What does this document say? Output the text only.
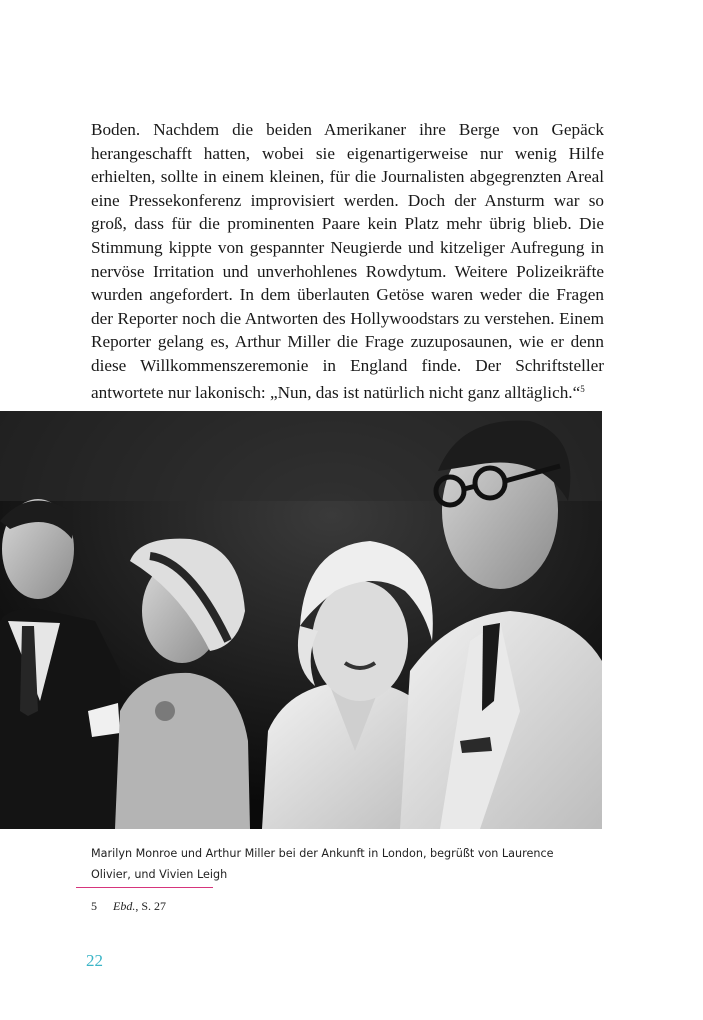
Boden. Nachdem die beiden Amerikaner ihre Berge von Gepäck herangeschafft hatten, wobei sie eigenartigerweise nur wenig Hilfe erhielten, sollte in einem kleinen, für die Journalisten abgegrenzten Areal eine Pressekonferenz improvisiert werden. Doch der Ansturm war so groß, dass für die prominenten Paare kein Platz mehr übrig blieb. Die Stimmung kippte von gespannter Neugierde und kitzeliger Aufregung in nervöse Irritation und unverhohlenes Rowdytum. Weitere Polizeikräfte wurden angefordert. In dem überlauten Getöse waren weder die Fragen der Reporter noch die Antworten des Hollywoodstars zu verstehen. Einem Reporter gelang es, Arthur Miller die Frage zuzuposaunen, wie er denn diese Willkommenszeremonie in England finde. Der Schriftsteller antwortete nur lakonisch: „Nun, das ist natürlich nicht ganz alltäglich.“$^5$

Marilyn Monroe und Arthur Miller bei der Ankunft in London, begrüßt von Laurence Olivier, und Vivien Leigh
5 Ebd., S. 27
22
